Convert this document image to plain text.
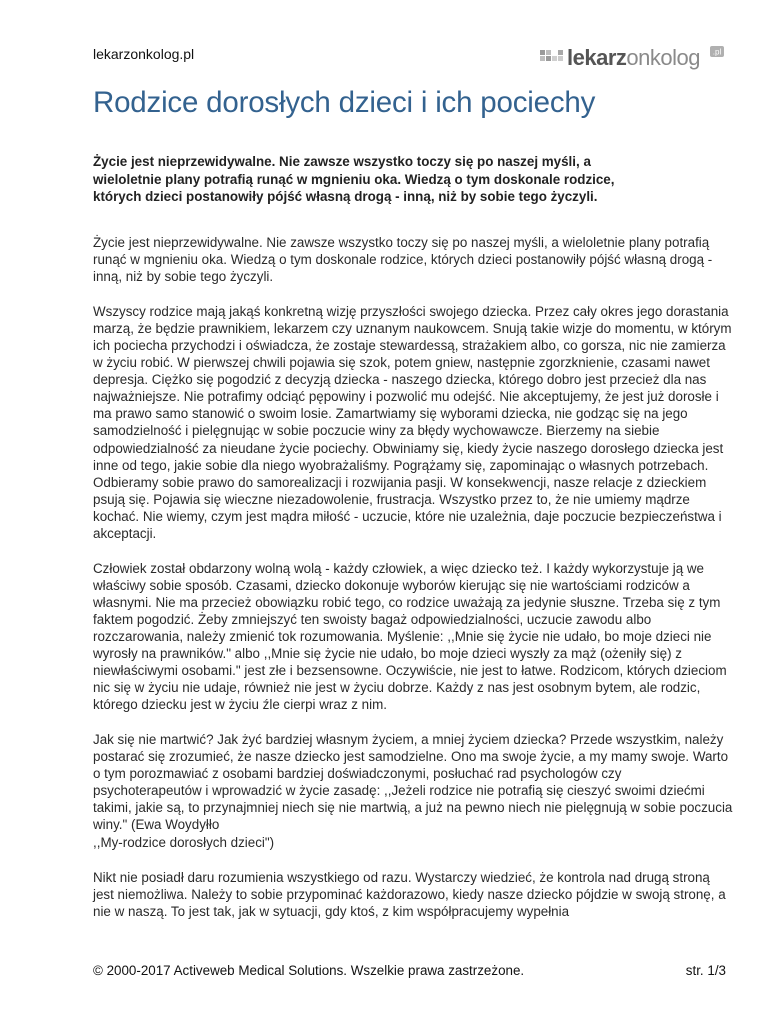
lekarzonkolog.pl	lekarzonkolog .pl
Rodzice dorosłych dzieci i ich pociechy

Życie jest nieprzewidywalne. Nie zawsze wszystko toczy się po naszej myśli, a wieloletnie plany potrafią runąć w mgnieniu oka. Wiedzą o tym doskonale rodzice, których dzieci postanowiły pójść własną drogą - inną, niż by sobie tego życzyli.

Życie jest nieprzewidywalne. Nie zawsze wszystko toczy się po naszej myśli, a wieloletnie plany potrafią runąć w mgnieniu oka. Wiedzą o tym doskonale rodzice, których dzieci postanowiły pójść własną drogą - inną, niż by sobie tego życzyli.

Wszyscy rodzice mają jakąś konkretną wizję przyszłości swojego dziecka. Przez cały okres jego dorastania marzą, że będzie prawnikiem, lekarzem czy uznanym naukowcem. Snują takie wizje do momentu, w którym ich pociecha przychodzi i oświadcza, że zostaje stewardessą, strażakiem albo, co gorsza, nic nie zamierza w życiu robić. W pierwszej chwili pojawia się szok, potem gniew, następnie zgorzknienie, czasami nawet depresja. Ciężko się pogodzić z decyzją dziecka - naszego dziecka, którego dobro jest przecież dla nas najważniejsze. Nie potrafimy odciąć pępowiny i pozwolić mu odejść. Nie akceptujemy, że jest już dorosłe i ma prawo samo stanowić o swoim losie. Zamartwiamy się wyborami dziecka, nie godząc się na jego samodzielność i pielęgnując w sobie poczucie winy za błędy wychowawcze. Bierzemy na siebie odpowiedzialność za nieudane życie pociechy. Obwiniamy się, kiedy życie naszego dorosłego dziecka jest inne od tego, jakie sobie dla niego wyobrażaliśmy. Pogrążamy się, zapominając o własnych potrzebach. Odbieramy sobie prawo do samorealizacji i rozwijania pasji. W konsekwencji, nasze relacje z dzieckiem psują się. Pojawia się wieczne niezadowolenie, frustracja. Wszystko przez to, że nie umiemy mądrze kochać. Nie wiemy, czym jest mądra miłość - uczucie, które nie uzależnia, daje poczucie bezpieczeństwa i akceptacji.

Człowiek został obdarzony wolną wolą - każdy człowiek, a więc dziecko też. I każdy wykorzystuje ją we właściwy sobie sposób. Czasami, dziecko dokonuje wyborów kierując się nie wartościami rodziców a własnymi. Nie ma przecież obowiązku robić tego, co rodzice uważają za jedynie słuszne. Trzeba się z tym faktem pogodzić. Żeby zmniejszyć ten swoisty bagaż odpowiedzialności, uczucie zawodu albo rozczarowania, należy zmienić tok rozumowania. Myślenie: ,,Mnie się życie nie udało, bo moje dzieci nie wyrosły na prawników." albo ,,Mnie się życie nie udało, bo moje dzieci wyszły za mąż (ożeniły się) z niewłaściwymi osobami." jest złe i bezsensowne. Oczywiście, nie jest to łatwe. Rodzicom, których dzieciom nic się w życiu nie udaje, również nie jest w życiu dobrze. Każdy z nas jest osobnym bytem, ale rodzic, którego dziecku jest w życiu źle cierpi wraz z nim.

Jak się nie martwić? Jak żyć bardziej własnym życiem, a mniej życiem dziecka? Przede wszystkim, należy postarać się zrozumieć, że nasze dziecko jest samodzielne. Ono ma swoje życie, a my mamy swoje. Warto o tym porozmawiać z osobami bardziej doświadczonymi, posłuchać rad psychologów czy psychoterapeutów i wprowadzić w życie zasadę: ,,Jeżeli rodzice nie potrafią się cieszyć swoimi dziećmi takimi, jakie są, to przynajmniej niech się nie martwią, a już na pewno niech nie pielęgnują w sobie poczucia winy." (Ewa Woydyłło
,,My-rodzice dorosłych dzieci")

Nikt nie posiadł daru rozumienia wszystkiego od razu. Wystarczy wiedzieć, że kontrola nad drugą stroną jest niemożliwa. Należy to sobie przypominać każdorazowo, kiedy nasze dziecko pójdzie w swoją stronę, a nie w naszą. To jest tak, jak w sytuacji, gdy ktoś, z kim współpracujemy wypełnia

© 2000-2017 Activeweb Medical Solutions. Wszelkie prawa zastrzeżone.	str. 1/3
